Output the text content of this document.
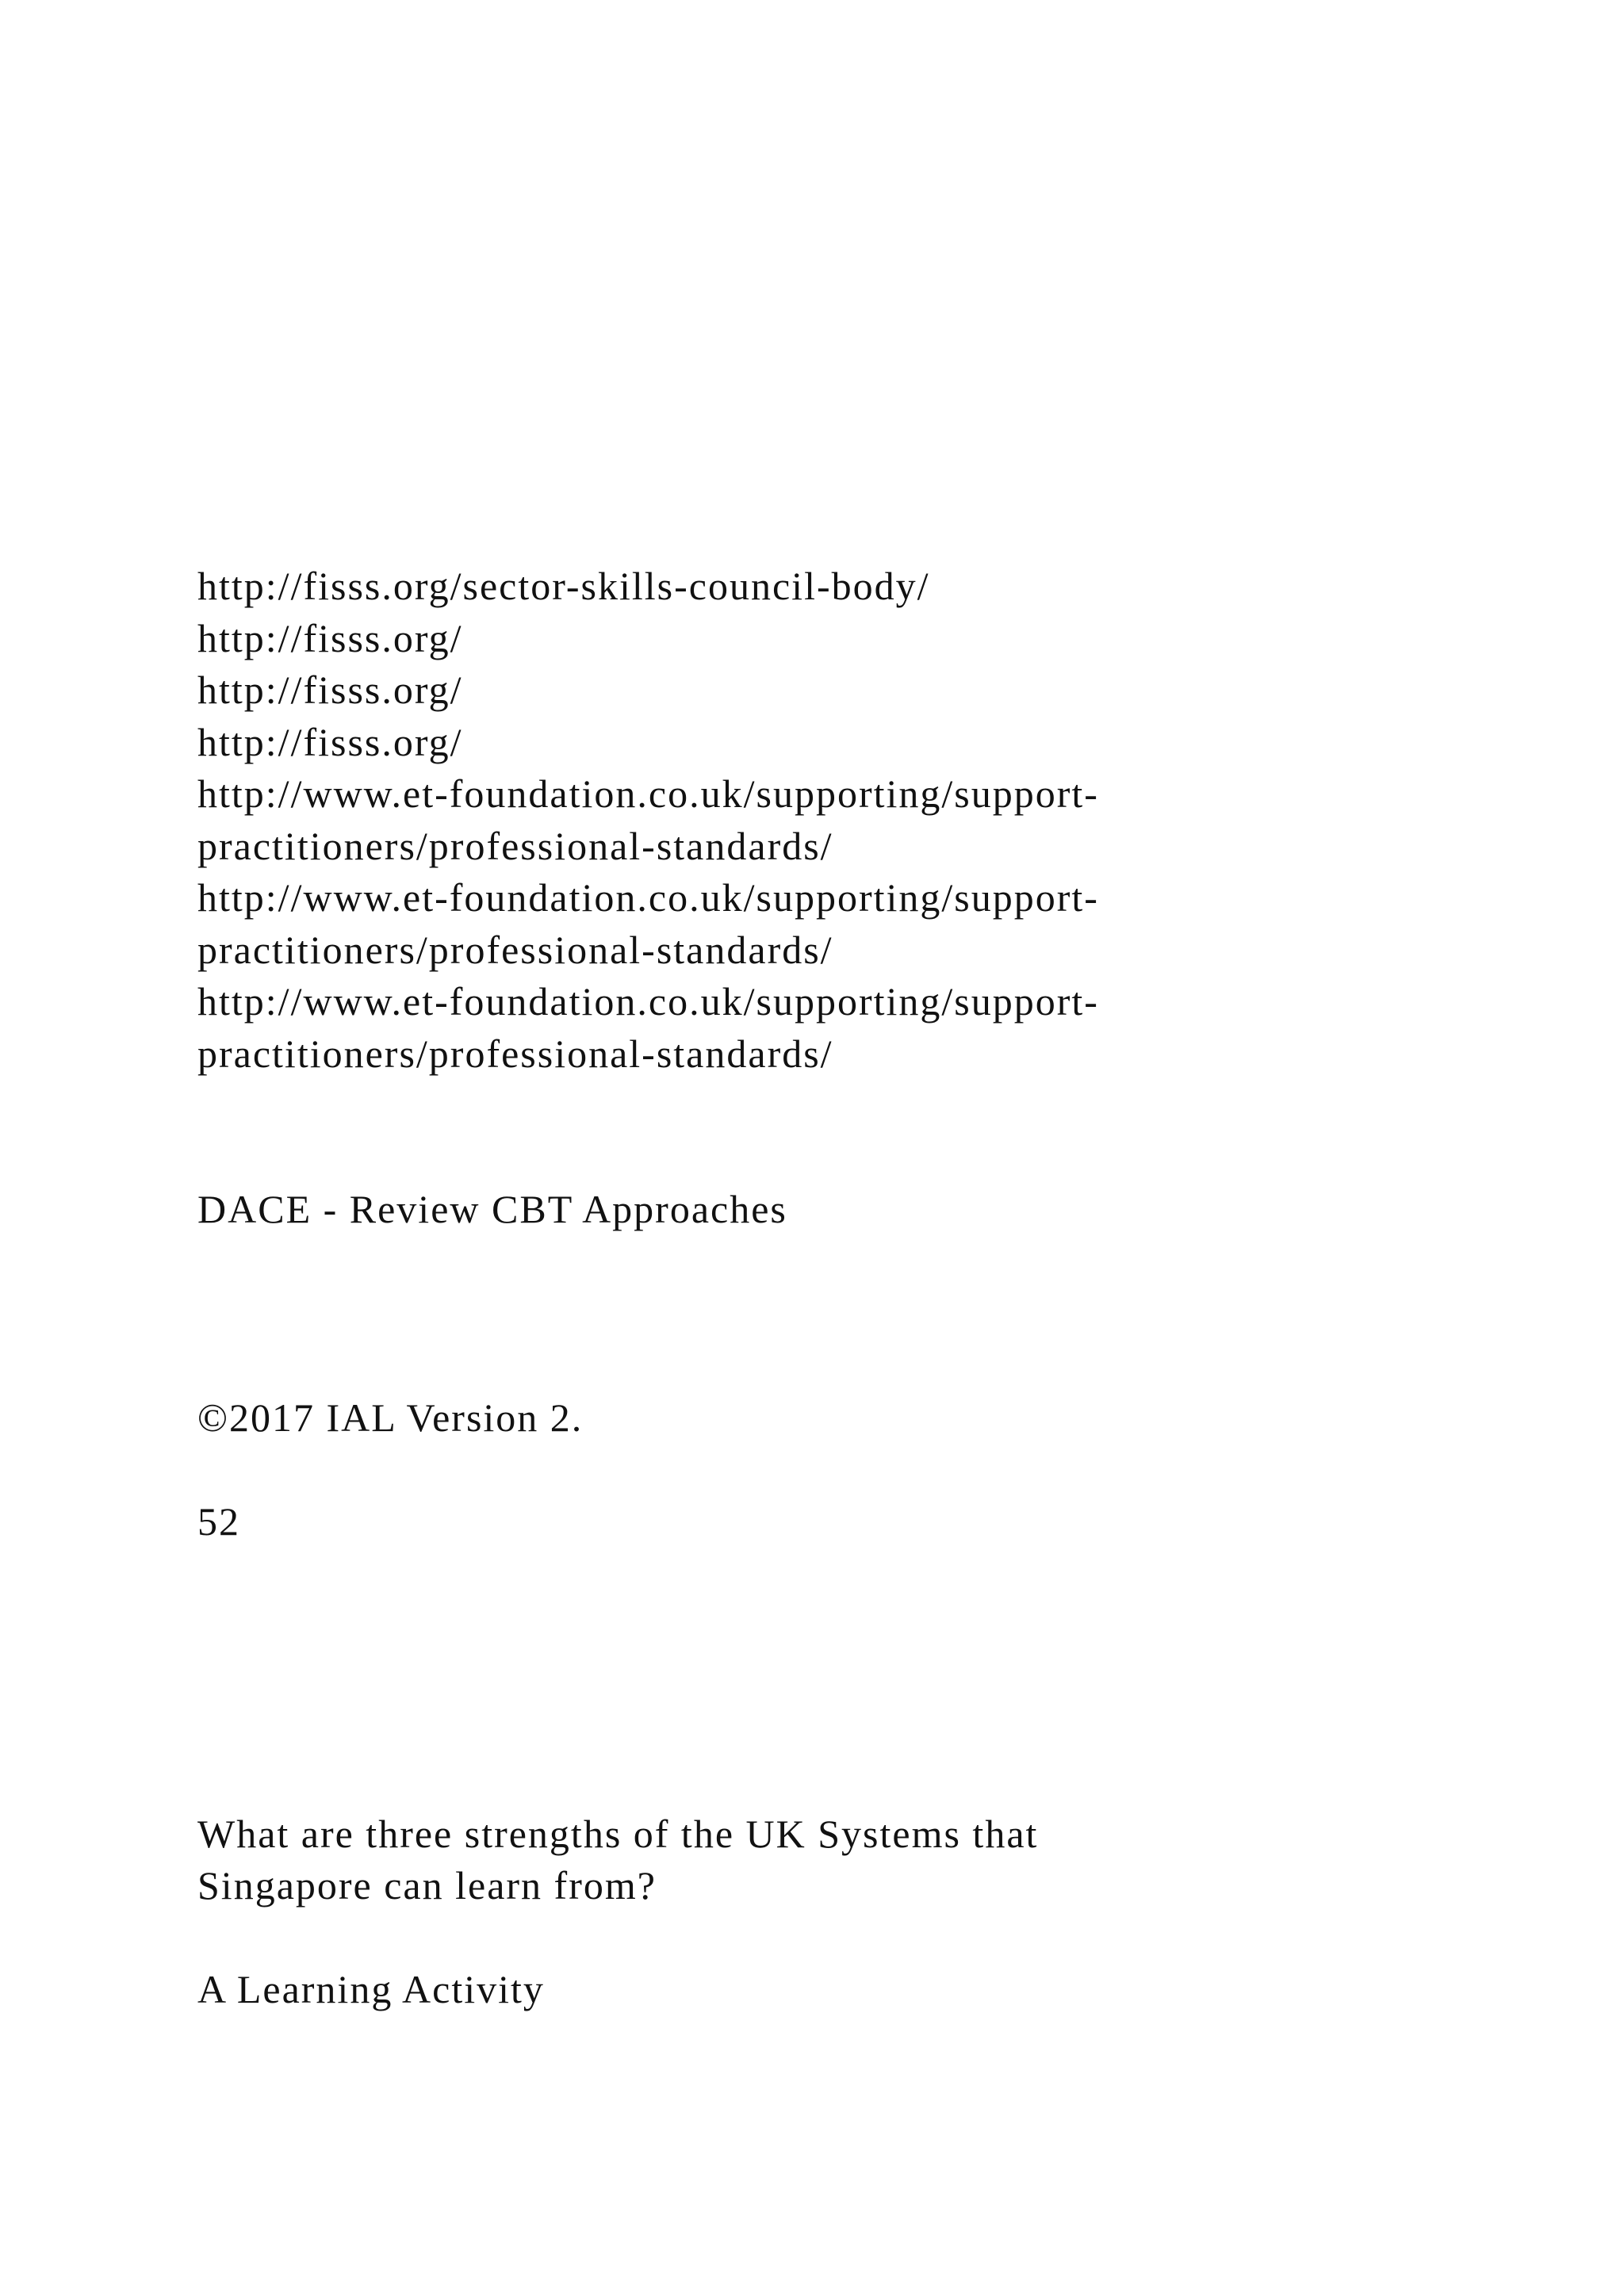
http://fisss.org/sector-skills-council-body/
http://fisss.org/
http://fisss.org/
http://fisss.org/
http://www.et-foundation.co.uk/supporting/support-
practitioners/professional-standards/
http://www.et-foundation.co.uk/supporting/support-
practitioners/professional-standards/
http://www.et-foundation.co.uk/supporting/support-
practitioners/professional-standards/
DACE - Review CBT Approaches
©2017 IAL Version 2.
52
What are three strengths of the UK Systems that
Singapore can learn from?
A Learning Activity
